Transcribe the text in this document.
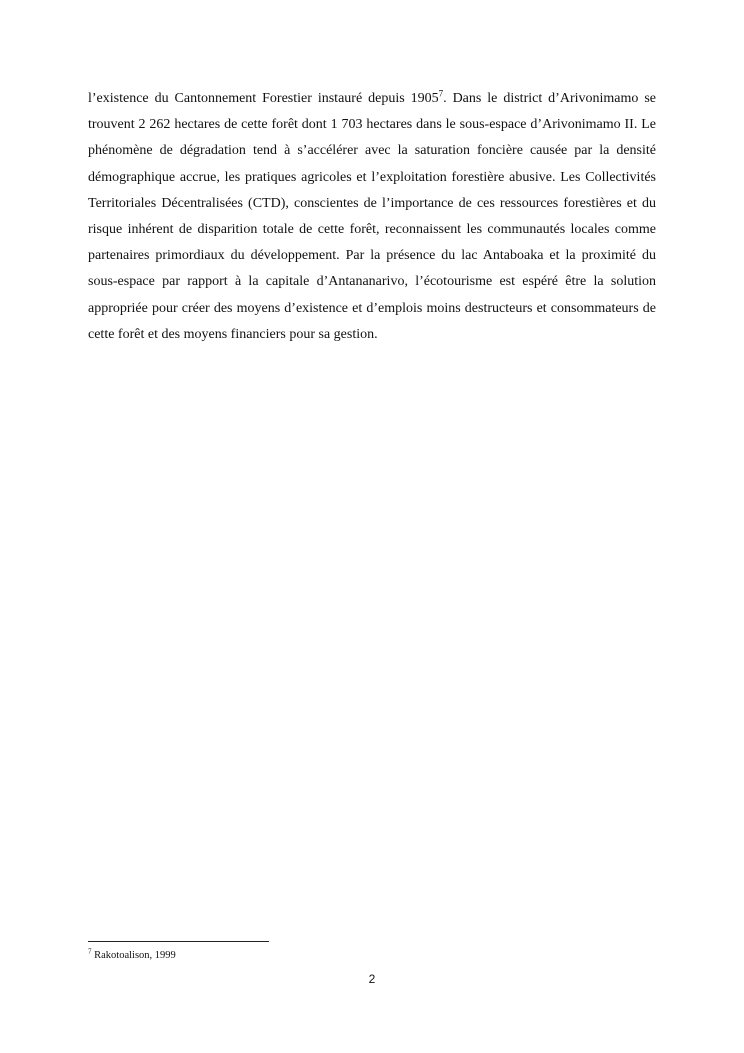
l’existence du Cantonnement Forestier instauré depuis 1905$^7$. Dans le district d’Arivonimamo se trouvent 2 262 hectares de cette forêt dont 1 703 hectares dans le sous-espace d’Arivonimamo II. Le phénomène de dégradation tend à s’accélérer avec la saturation foncière causée par la densité démographique accrue, les pratiques agricoles et l’exploitation forestière abusive. Les Collectivités Territoriales Décentralisées (CTD), conscientes de l’importance de ces ressources forestières et du risque inhérent de disparition totale de cette forêt, reconnaissent les communautés locales comme partenaires primordiaux du développement. Par la présence du lac Antaboaka et la proximité du sous-espace par rapport à la capitale d’Antananarivo, l’écotourisme est espéré être la solution appropriée pour créer des moyens d’existence et d’emplois moins destructeurs et consommateurs de cette forêt et des moyens financiers pour sa gestion.

$^7$ Rakotoalison, 1999

2
